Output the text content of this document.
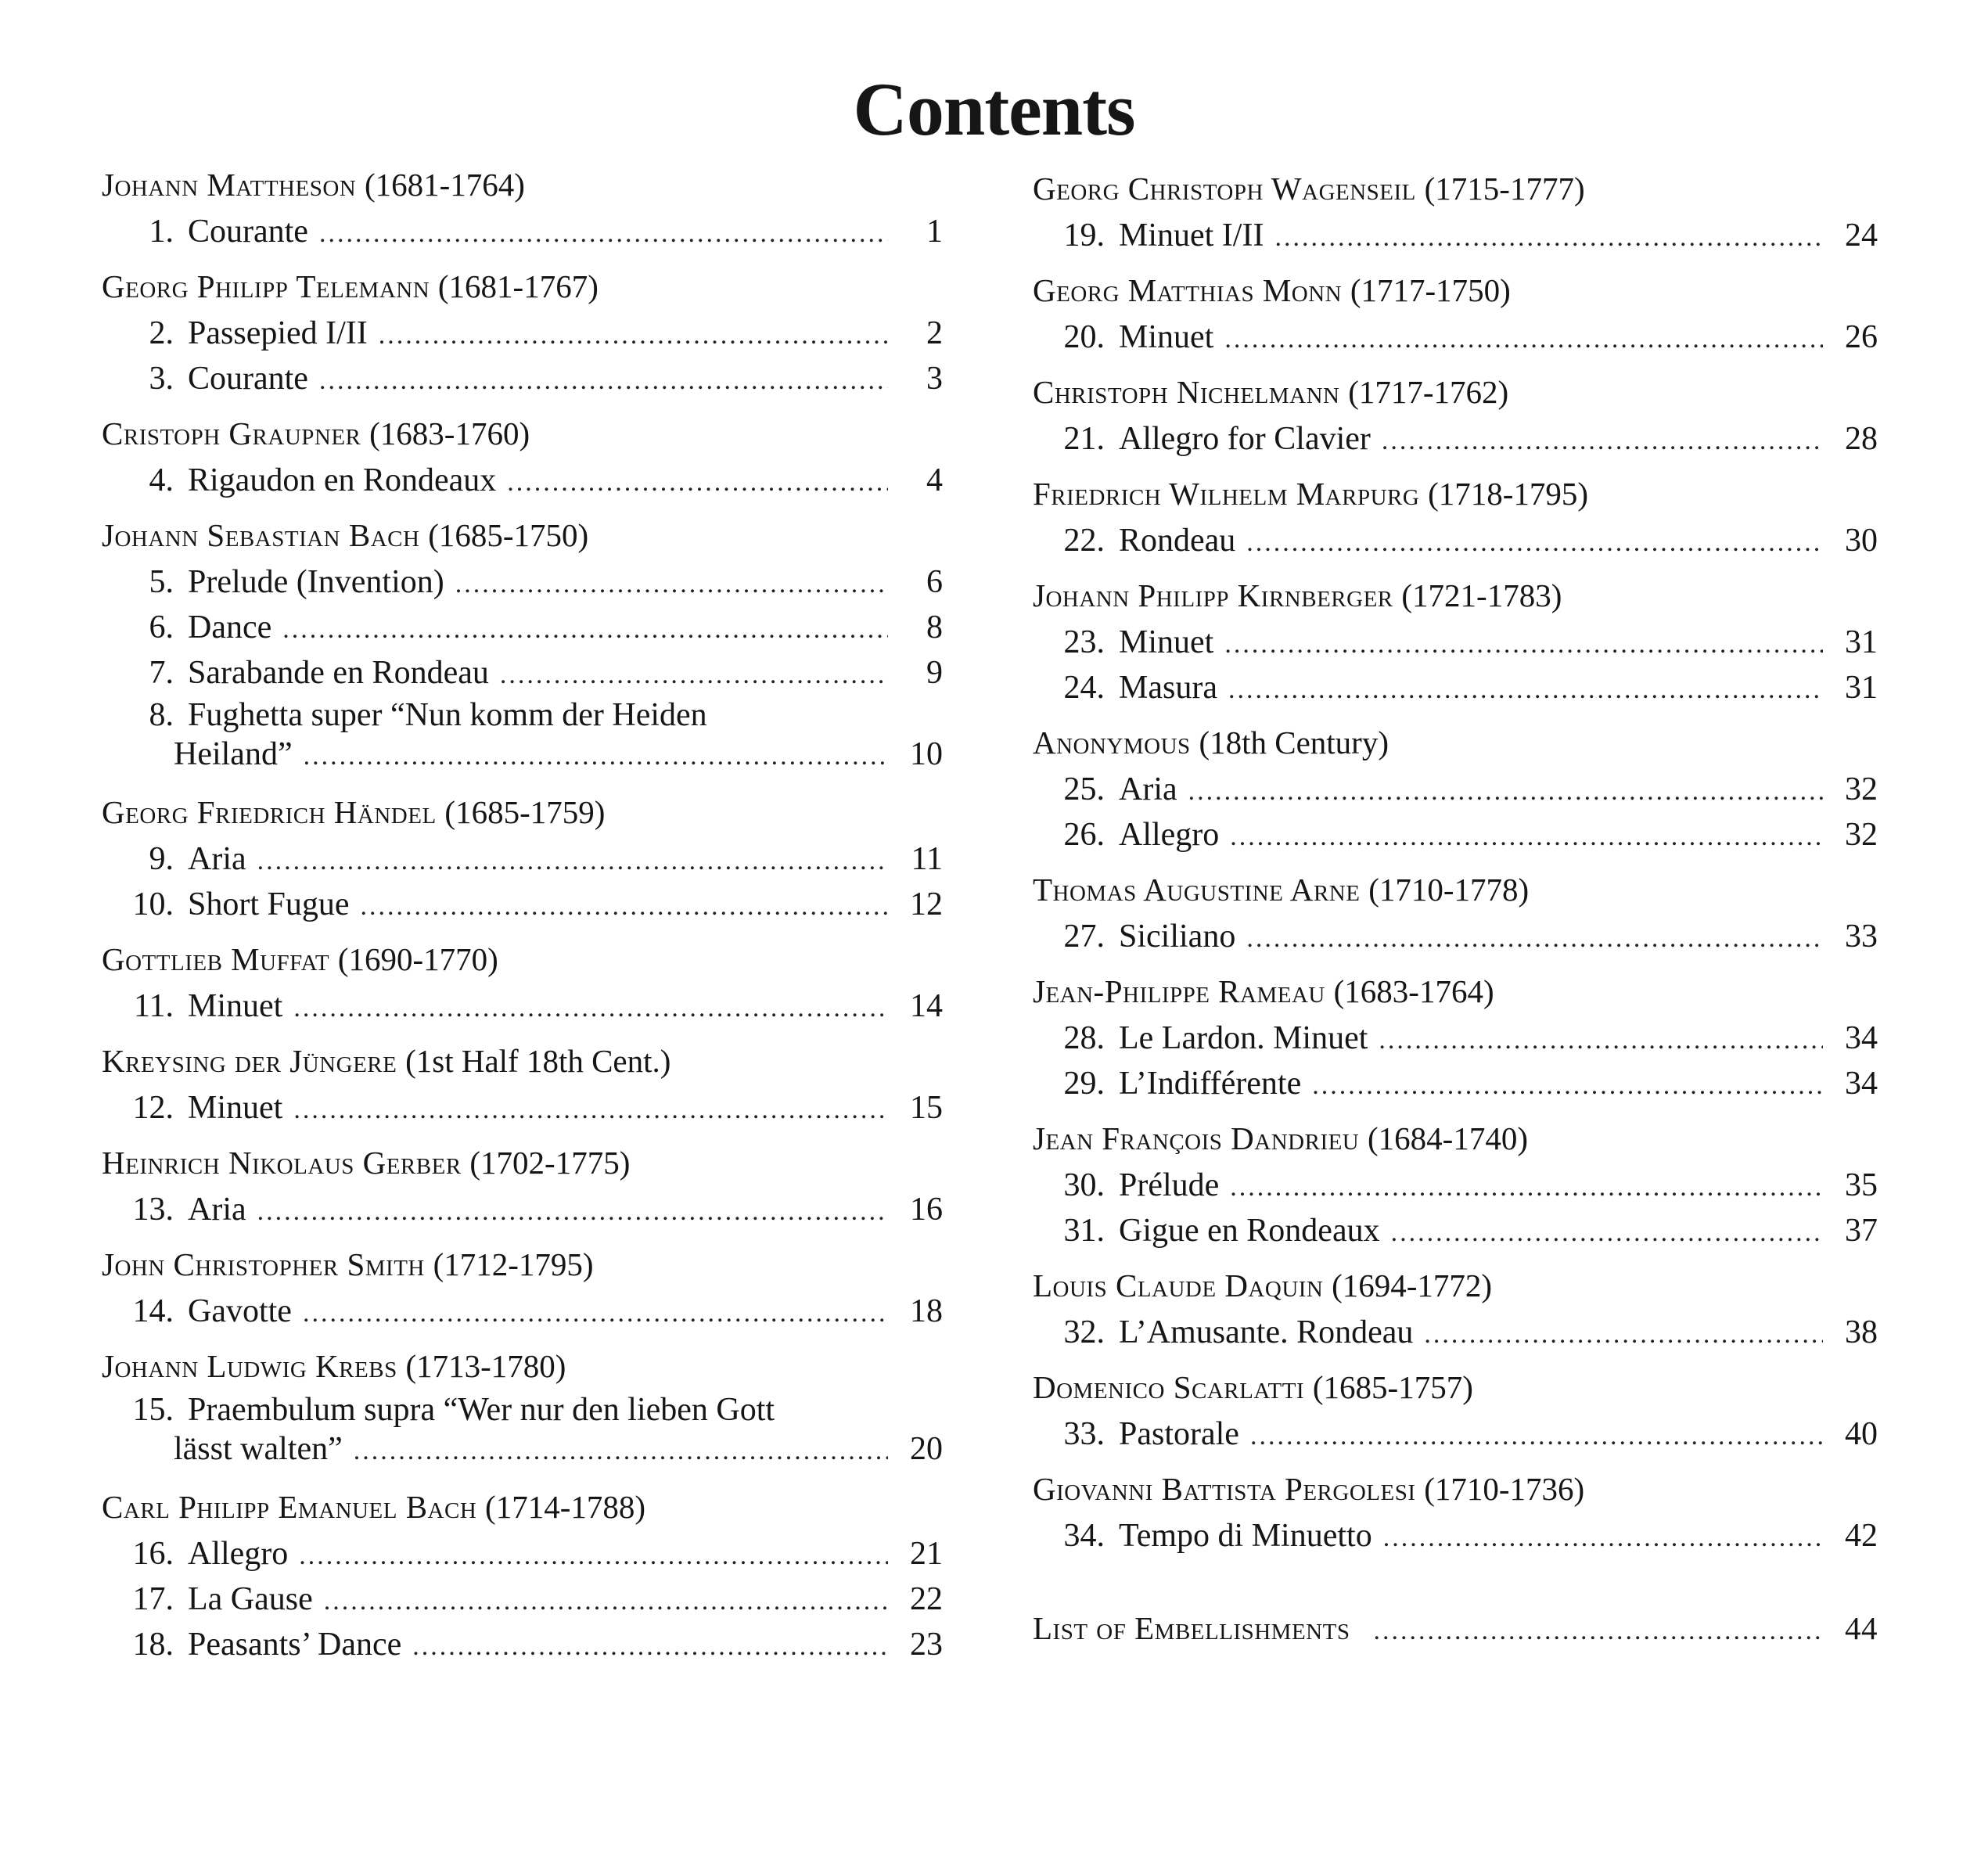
Contents
Johann Mattheson (1681-1764)
1. Courante .....	1
Georg Philipp Telemann (1681-1767)
2. Passepied I/II .....	2
3. Courante .....	3
Cristoph Graupner (1683-1760)
4. Rigaudon en Rondeaux .....	4
Johann Sebastian Bach (1685-1750)
5. Prelude (Invention) .....	6
6. Dance .....	8
7. Sarabande en Rondeau .....	9
8. Fughetta super “Nun komm der Heiden
Heiland” .....	10
Georg Friedrich Händel (1685-1759)
9. Aria .....	11
10. Short Fugue .....	12
Gottlieb Muffat (1690-1770)
11. Minuet .....	14
Kreysing der Jüngere (1st Half 18th Cent.)
12. Minuet .....	15
Heinrich Nikolaus Gerber (1702-1775)
13. Aria .....	16
John Christopher Smith (1712-1795)
14. Gavotte .....	18
Johann Ludwig Krebs (1713-1780)
15. Praembulum supra “Wer nur den lieben Gott
lässt walten” .....	20
Carl Philipp Emanuel Bach (1714-1788)
16. Allegro .....	21
17. La Gause .....	22
18. Peasants’ Dance .....	23
Georg Christoph Wagenseil (1715-1777)
19. Minuet I/II .....	24
Georg Matthias Monn (1717-1750)
20. Minuet .....	26
Christoph Nichelmann (1717-1762)
21. Allegro for Clavier .....	28
Friedrich Wilhelm Marpurg (1718-1795)
22. Rondeau .....	30
Johann Philipp Kirnberger (1721-1783)
23. Minuet .....	31
24. Masura .....	31
Anonymous (18th Century)
25. Aria .....	32
26. Allegro .....	32
Thomas Augustine Arne (1710-1778)
27. Siciliano .....	33
Jean-Philippe Rameau (1683-1764)
28. Le Lardon. Minuet .....	34
29. L’Indifférente .....	34
Jean François Dandrieu (1684-1740)
30. Prélude .....	35
31. Gigue en Rondeaux .....	37
Louis Claude Daquin (1694-1772)
32. L’Amusante. Rondeau .....	38
Domenico Scarlatti (1685-1757)
33. Pastorale .....	40
Giovanni Battista Pergolesi (1710-1736)
34. Tempo di Minuetto .....	42
List of Embellishments .....	44
